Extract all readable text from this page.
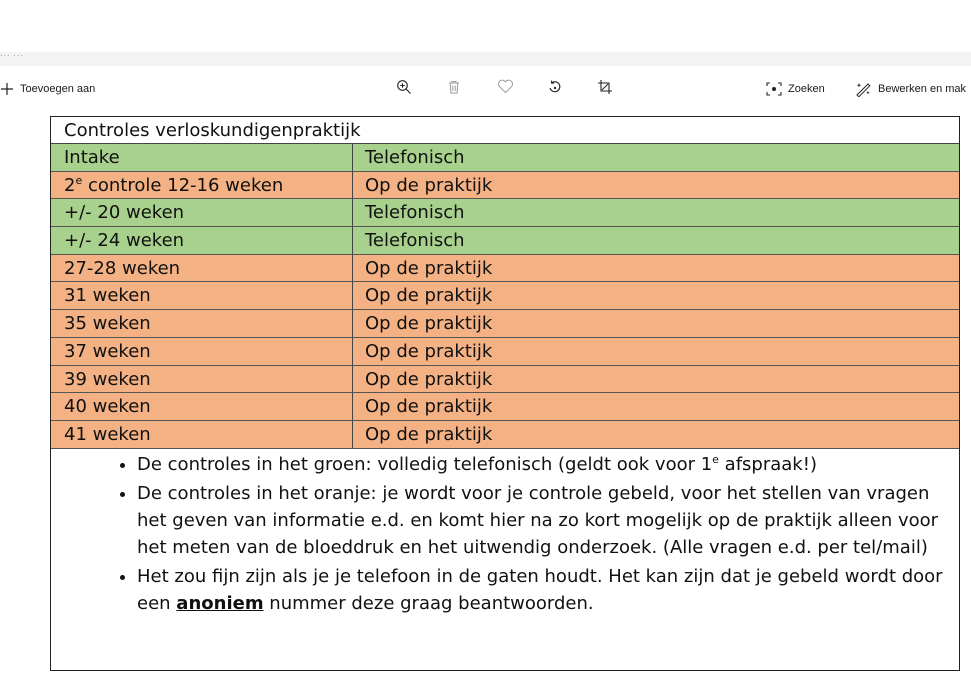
... ...
Toevoegen aan	Zoeken	Bewerken en mak
Controles verloskundigenpraktijk
Intake	Telefonisch
2e controle 12-16 weken	Op de praktijk
+/- 20 weken	Telefonisch
+/- 24 weken	Telefonisch
27-28 weken	Op de praktijk
31 weken	Op de praktijk
35 weken	Op de praktijk
37 weken	Op de praktijk
39 weken	Op de praktijk
40 weken	Op de praktijk
41 weken	Op de praktijk
• De controles in het groen: volledig telefonisch (geldt ook voor 1e afspraak!)
• De controles in het oranje: je wordt voor je controle gebeld, voor het stellen van vragen het geven van informatie e.d. en komt hier na zo kort mogelijk op de praktijk alleen voor het meten van de bloeddruk en het uitwendig onderzoek. (Alle vragen e.d. per tel/mail)
• Het zou fijn zijn als je je telefoon in de gaten houdt. Het kan zijn dat je gebeld wordt door een anoniem nummer deze graag beantwoorden.
